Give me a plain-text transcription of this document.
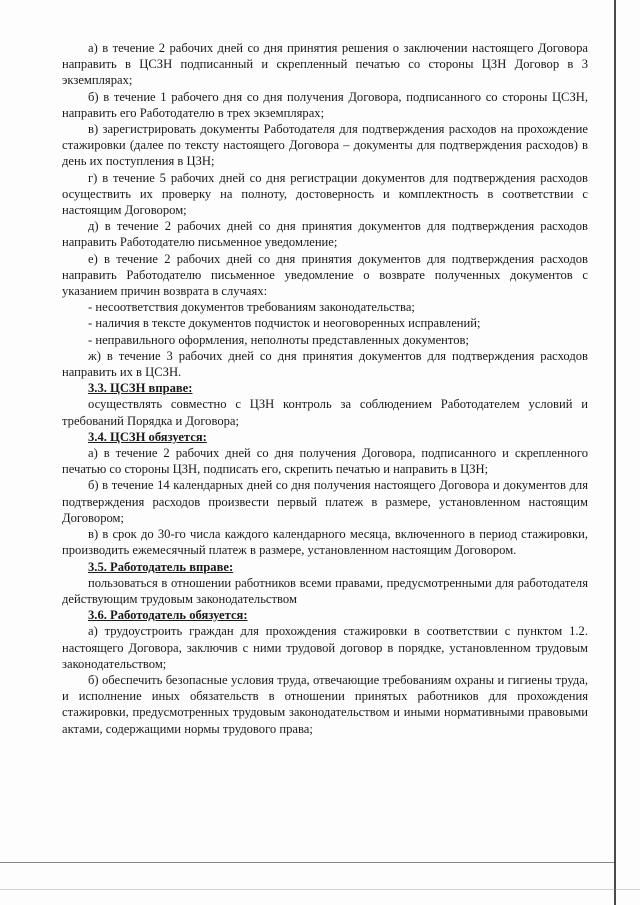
а) в течение 2 рабочих дней со дня принятия решения о заключении настоящего Договора направить в ЦСЗН подписанный и скрепленный печатью со стороны ЦЗН Договор в 3 экземплярах;

б) в течение 1 рабочего дня со дня получения Договора, подписанного со стороны ЦСЗН, направить его Работодателю в трех экземплярах;

в) зарегистрировать документы Работодателя для подтверждения расходов на прохождение стажировки (далее по тексту настоящего Договора – документы для подтверждения расходов) в день их поступления в ЦЗН;

г) в течение 5 рабочих дней со дня регистрации документов для подтверждения расходов осуществить их проверку на полноту, достоверность и комплектность в соответствии с настоящим Договором;

д) в течение 2 рабочих дней со дня принятия документов для подтверждения расходов направить Работодателю письменное уведомление;

е) в течение 2 рабочих дней со дня принятия документов для подтверждения расходов направить Работодателю письменное уведомление о возврате полученных документов с указанием причин возврата в случаях:

- несоответствия документов требованиям законодательства;

- наличия в тексте документов подчисток и неоговоренных исправлений;

- неправильного оформления, неполноты представленных документов;

ж) в течение 3 рабочих дней со дня принятия документов для подтверждения расходов направить их в ЦСЗН.

3.3. ЦСЗН вправе:

осуществлять совместно с ЦЗН контроль за соблюдением Работодателем условий и требований Порядка и Договора;

3.4. ЦСЗН обязуется:

а) в течение 2 рабочих дней со дня получения Договора, подписанного и скрепленного печатью со стороны ЦЗН, подписать его, скрепить печатью и направить в ЦЗН;

б) в течение 14 календарных дней со дня получения настоящего Договора и документов для подтверждения расходов произвести первый платеж в размере, установленном настоящим Договором;

в) в срок до 30-го числа каждого календарного месяца, включенного в период стажировки, производить ежемесячный платеж в размере, установленном настоящим Договором.

3.5. Работодатель вправе:

пользоваться в отношении работников всеми правами, предусмотренными для работодателя действующим трудовым законодательством

3.6. Работодатель обязуется:

а) трудоустроить граждан для прохождения стажировки в соответствии с пунктом 1.2. настоящего Договора, заключив с ними трудовой договор в порядке, установленном трудовым законодательством;

б) обеспечить безопасные условия труда, отвечающие требованиям охраны и гигиены труда, и исполнение иных обязательств в отношении принятых работников для прохождения стажировки, предусмотренных трудовым законодательством и иными нормативными правовыми актами, содержащими нормы трудового права;
